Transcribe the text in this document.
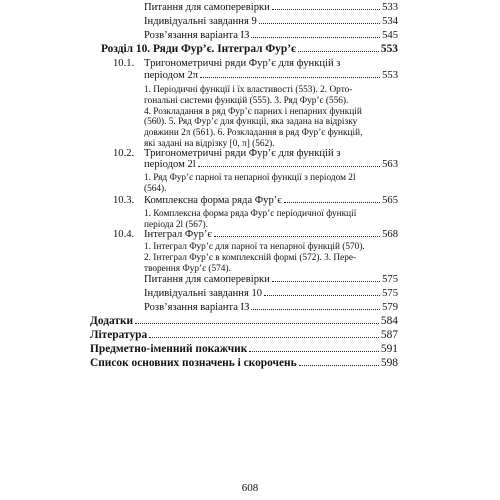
Питання для самоперевірки	533
Індивідуальні завдання 9	534
Розв’язання варіанта ІЗ	545
Розділ 10. Ряди Фур’є. Інтеграл Фур’є	553
10.1. Тригонометричні ряди Фур’є для функцій з
періодом 2π	553
1. Періодичні функції і їх властивості (553). 2. Орто-
гональні системи функцій (555). 3. Ряд Фур’є (556).
4. Розкладання в ряд Фур’є парних і непарних функцій
(560). 5. Ряд Фур’є для функції, яка задана на відрізку
довжини 2π (561). 6. Розкладання в ряд Фур’є функцій,
які задані на відрізку [0, π] (562).
10.2. Тригонометричні ряди Фур’є для функцій з
періодом 2l	563
1. Ряд Фур’є парної та непарної функції з періодом 2l
(564).
10.3. Комплексна форма ряда Фур’є	565
1. Комплексна форма ряда Фур’є періодичної функції
періода 2l (567).
10.4. Інтеграл Фур’є	568
1. Інтеграл Фур’є для парної та непарної функцій (570).
2. Інтеграл Фур’є в комплексній формі (572). 3. Пере-
творення Фур’є (574).
Питання для самоперевірки	575
Індивідуальні завдання 10	575
Розв’язання варіанта ІЗ	579
Додатки	584
Література	587
Предметно-іменний покажчик	591
Список основних позначень і скорочень	598
608
